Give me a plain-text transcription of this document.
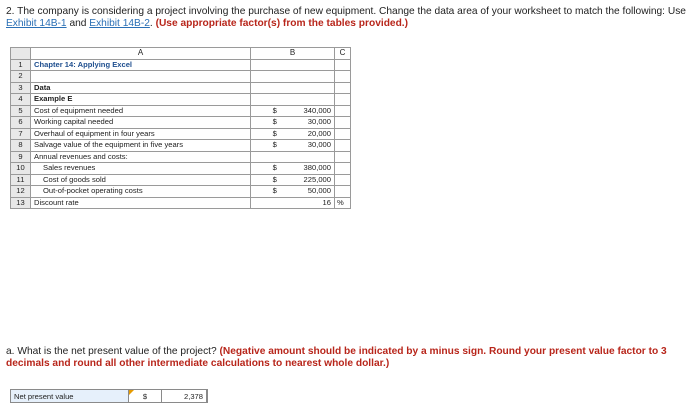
2. The company is considering a project involving the purchase of new equipment. Change the data area of your worksheet to match the following: Use Exhibit 14B-1 and Exhibit 14B-2. (Use appropriate factor(s) from the tables provided.)
	A	B		C
1	Chapter 14: Applying Excel			
2				
3	Data			
4	Example E			
5	Cost of equipment needed	$	340,000	
6	Working capital needed	$	30,000	
7	Overhaul of equipment in four years	$	20,000	
8	Salvage value of the equipment in five years	$	30,000	
9	Annual revenues and costs:			
10	Sales revenues	$	380,000	
11	Cost of goods sold	$	225,000	
12	Out-of-pocket operating costs	$	50,000	
13	Discount rate		16	%
a. What is the net present value of the project? (Negative amount should be indicated by a minus sign. Round your present value factor to 3 decimals and round all other intermediate calculations to nearest whole dollar.)
Net present value	$	2,378
